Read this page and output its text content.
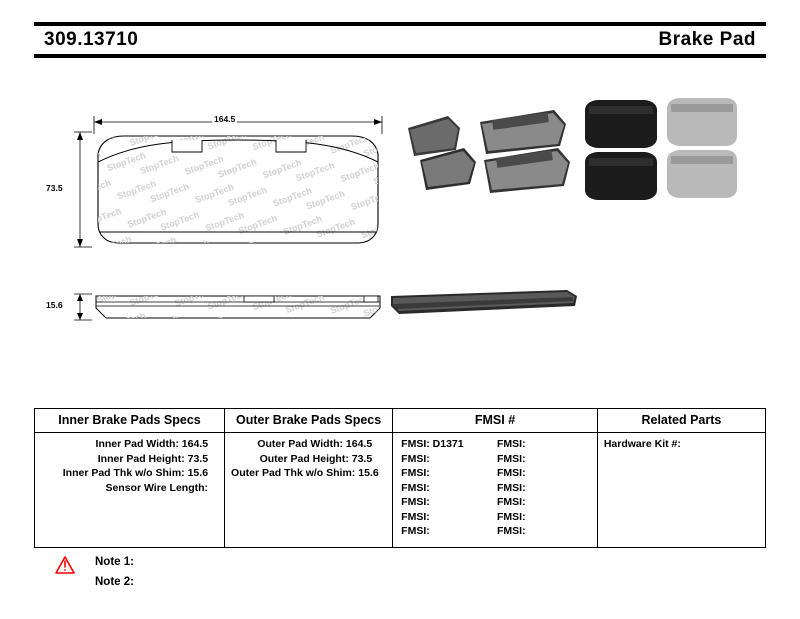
309.13710	Brake Pad
164.5
73.5
15.6
Inner Brake Pads Specs	Outer Brake Pads Specs	FMSI #	Related Parts

Inner Pad Width: 164.5
Inner Pad Height: 73.5
Inner Pad Thk w/o Shim: 15.6
Sensor Wire Length:

Outer Pad Width: 164.5
Outer Pad Height: 73.5
Outer Pad Thk w/o Shim: 15.6

FMSI: D1371	FMSI:
FMSI:	FMSI:
FMSI:	FMSI:
FMSI:	FMSI:
FMSI:	FMSI:
FMSI:	FMSI:
FMSI:	FMSI:

Hardware Kit #:
Note 1:
Note 2:
